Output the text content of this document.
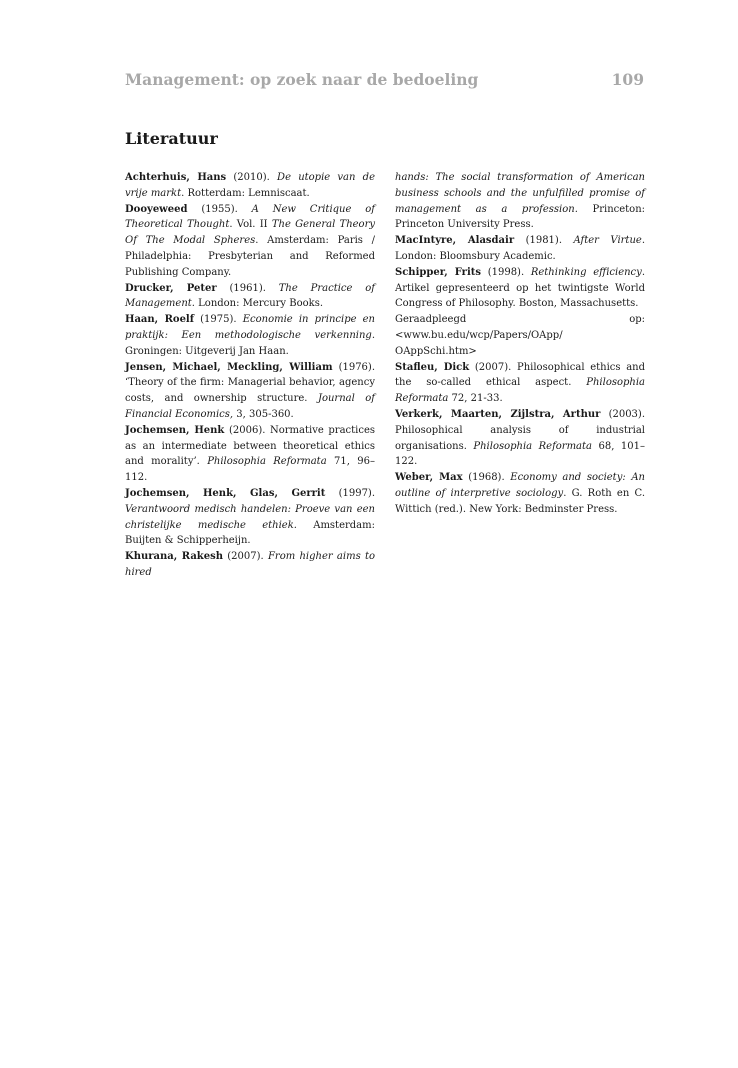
Management: op zoek naar de bedoeling	109
Literatuur

Achterhuis, Hans (2010). De utopie van de vrije markt. Rotterdam: Lemniscaat.

Dooyeweed (1955). A New Critique of Theoretical Thought. Vol. II The General Theory Of The Modal Spheres. Amsterdam: Paris / Philadelphia: Presbyterian and Reformed Publishing Company.

Drucker, Peter (1961). The Practice of Management. London: Mercury Books.

Haan, Roelf (1975). Economie in principe en praktijk: Een methodologische verkenning. Groningen: Uitgeverij Jan Haan.

Jensen, Michael, Meckling, William (1976). ‘Theory of the firm: Managerial behavior, agency costs, and ownership structure. Journal of Financial Economics, 3, 305-360.

Jochemsen, Henk (2006). Normative practices as an intermediate between theoretical ethics and morality’. Philosophia Reformata 71, 96–112.

Jochemsen, Henk, Glas, Gerrit (1997). Verantwoord medisch handelen: Proeve van een christelijke medische ethiek. Amsterdam: Buijten & Schipperheijn.

Khurana, Rakesh (2007). From higher aims to hired

hands: The social transformation of American business schools and the unfulfilled promise of management as a profession. Princeton: Princeton University Press.

MacIntyre, Alasdair (1981). After Virtue. London: Bloomsbury Academic.

Schipper, Frits (1998). Rethinking efficiency. Artikel gepresenteerd op het twintigste World Congress of Philosophy. Boston, Massachusetts.

Geraadpleegd op: <www.bu.edu/wcp/Papers/OApp/ OAppSchi.htm>

Stafleu, Dick (2007). Philosophical ethics and the so-called ethical aspect. Philosophia Reformata 72, 21-33.

Verkerk, Maarten, Zijlstra, Arthur (2003). Philosophical analysis of industrial organisations. Philosophia Reformata 68, 101–122.

Weber, Max (1968). Economy and society: An outline of interpretive sociology. G. Roth en C. Wittich (red.). New York: Bedminster Press.
